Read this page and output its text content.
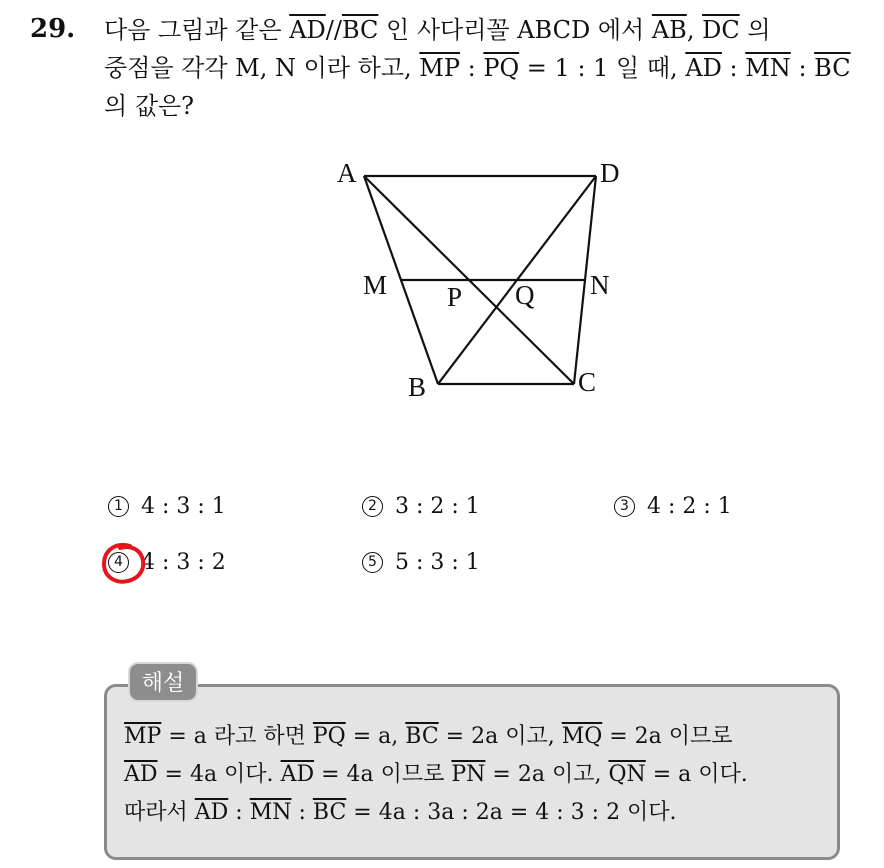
29. 다음 그림과 같은 $\overline{AD}//\overline{BC}$ 인 사다리꼴 ABCD 에서 $\overline{AB}$, $\overline{DC}$ 의
중점을 각각 M, N 이라 하고, $\overline{MP}$ : $\overline{PQ} = 1$ : 1 일 때, $\overline{AD}$ : $\overline{MN}$ : $\overline{BC}$
의 값은?
A	D
M	N
P Q
B	C
1 4 : 3 : 1	2 3 : 2 : 1	3 4 : 2 : 1
4 4 : 3 : 2	5 5 : 3 : 1
해설
$\overline{MP} = a$ 라고 하면 $\overline{PQ} = a$, $\overline{BC} = 2a$ 이고, $\overline{MQ} = 2a$ 이므로
$\overline{AD} = 4a$ 이다. $\overline{AD} = 4a$ 이므로 $\overline{PN} = 2a$ 이고, $\overline{QN} = a$ 이다.
따라서 $\overline{AD}$ : $\overline{MN}$ : $\overline{BC} = 4a$ : 3a : 2a = 4 : 3 : 2 이다.
